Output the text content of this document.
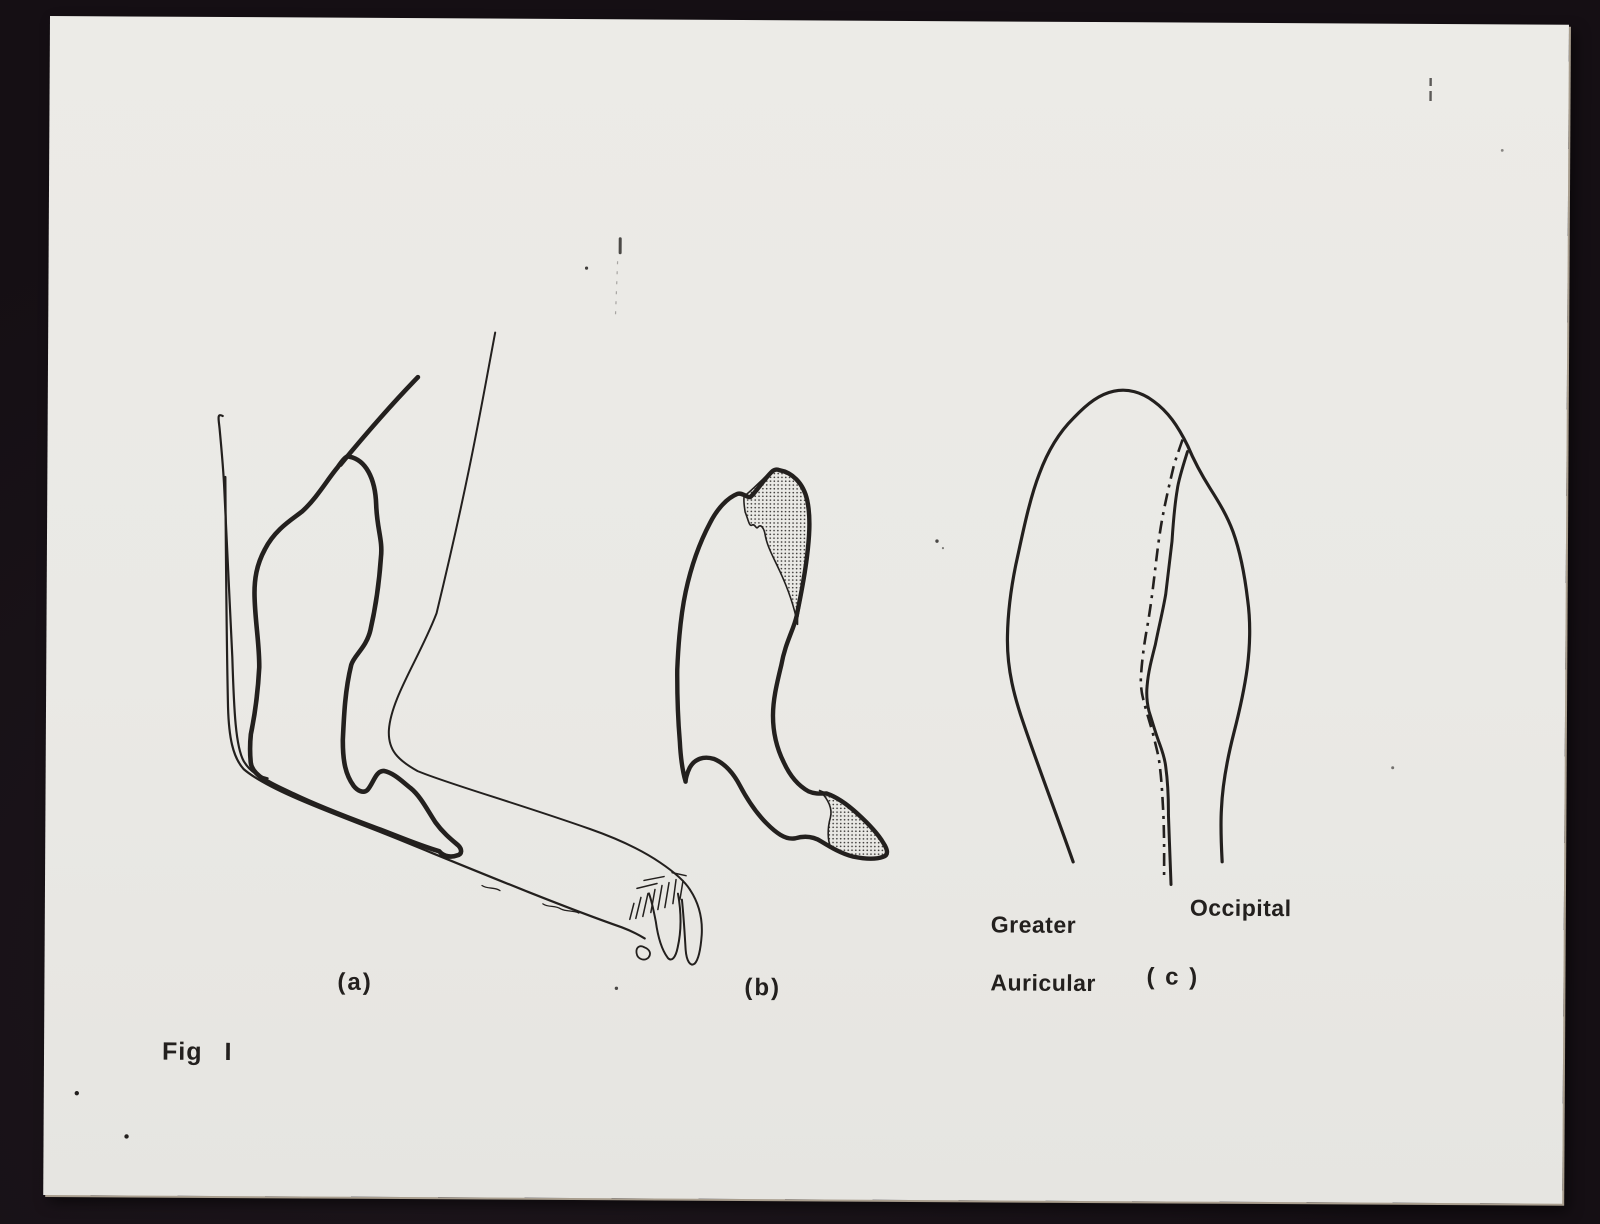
(a)	(b)	( c )

Greater

Auricular

Occipital
Fig I
